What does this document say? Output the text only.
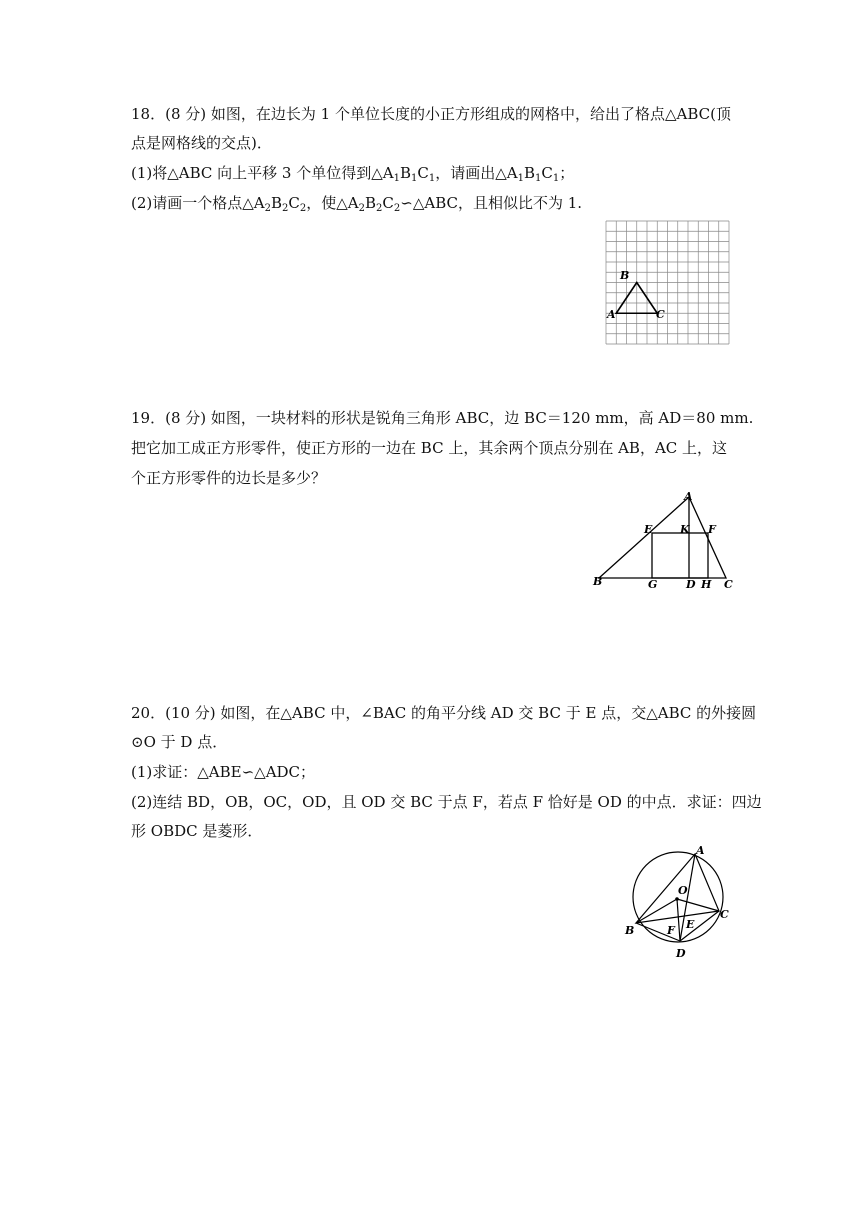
18．(8 分) 如图，在边长为 1 个单位长度的小正方形组成的网格中，给出了格点△ABC(顶
点是网格线的交点)．
(1)将△ABC 向上平移 3 个单位得到$\triangle A_1B_1C_1$，请画出$\triangle A_1B_1C_1$；
(2)请画一个格点$\triangle A_2B_2C_2$，使$\triangle A_2B_2C_2∽\triangle ABC$，且相似比不为 1.
B
A	C
19．(8 分) 如图，一块材料的形状是锐角三角形 ABC，边 BC＝120 mm，高 AD＝80 mm.
把它加工成正方形零件，使正方形的一边在 BC 上，其余两个顶点分别在 AB，AC 上，这
个正方形零件的边长是多少？
A
E	K F
B	G	D H C
20．(10 分) 如图，在△ABC 中，∠BAC 的角平分线 AD 交 BC 于 E 点，交△ABC 的外接圆
⊙O 于 D 点．
(1)求证：△ABE∽△ADC；
(2)连结 BD，OB，OC，OD，且 OD 交 BC 于点 F，若点 F 恰好是 OD 的中点．求证：四边
形 OBDC 是菱形．
A
O
C
B	F E
D
